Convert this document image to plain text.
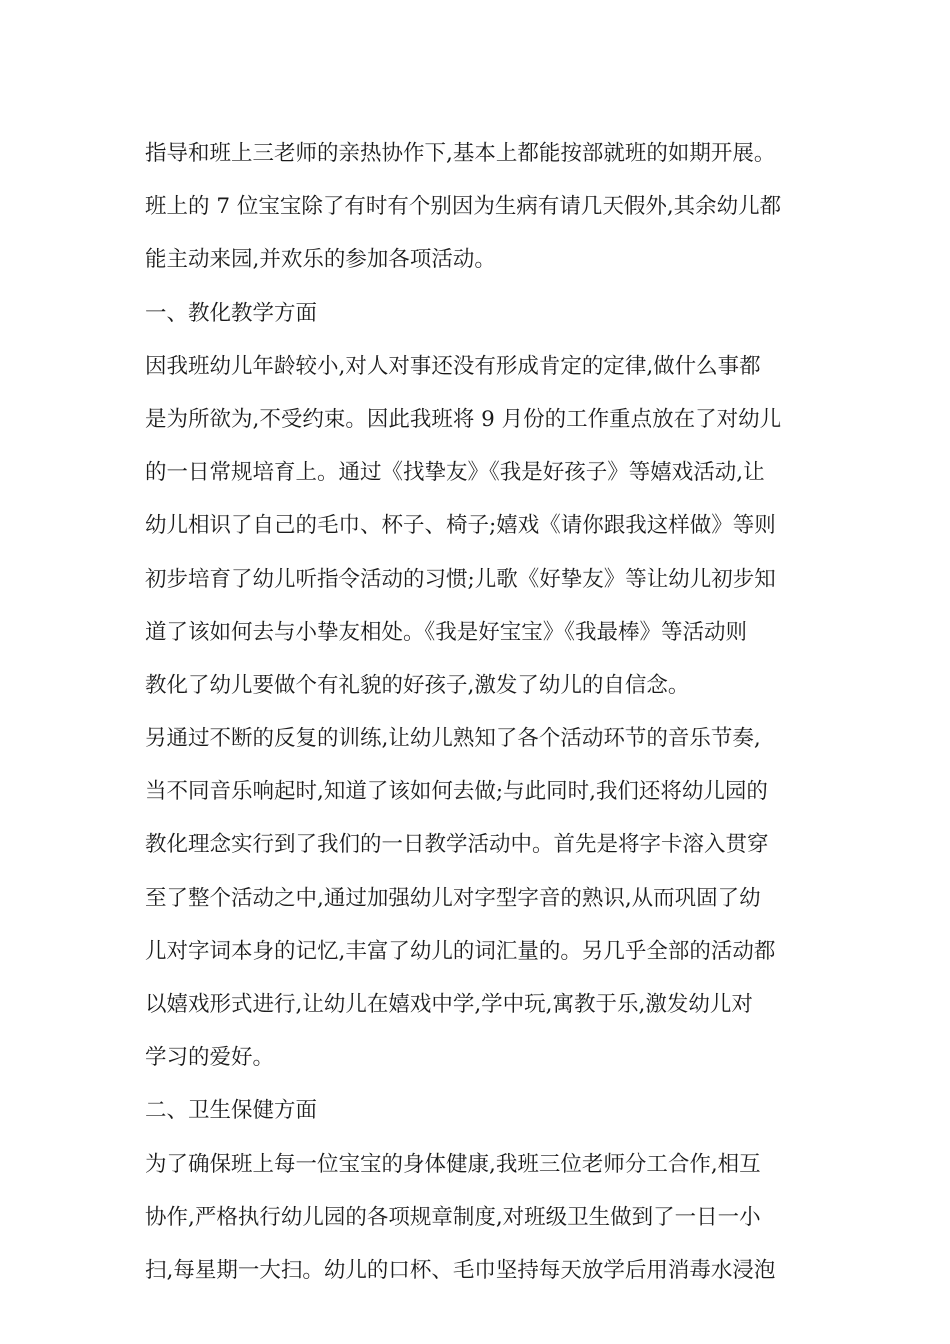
指导和班上三老师的亲热协作下,基本上都能按部就班的如期开展。
班上的 7 位宝宝除了有时有个别因为生病有请几天假外,其余幼儿都
能主动来园,并欢乐的参加各项活动。
一、教化教学方面
因我班幼儿年龄较小,对人对事还没有形成肯定的定律,做什么事都
是为所欲为,不受约束。因此我班将 9 月份的工作重点放在了对幼儿
的一日常规培育上。通过《找挚友》《我是好孩子》等嬉戏活动,让
幼儿相识了自己的毛巾、杯子、椅子;嬉戏《请你跟我这样做》等则
初步培育了幼儿听指令活动的习惯;儿歌《好挚友》等让幼儿初步知
道了该如何去与小挚友相处。《我是好宝宝》《我最棒》等活动则
教化了幼儿要做个有礼貌的好孩子,激发了幼儿的自信念。
另通过不断的反复的训练,让幼儿熟知了各个活动环节的音乐节奏,
当不同音乐响起时,知道了该如何去做;与此同时,我们还将幼儿园的
教化理念实行到了我们的一日教学活动中。首先是将字卡溶入贯穿
至了整个活动之中,通过加强幼儿对字型字音的熟识,从而巩固了幼
儿对字词本身的记忆,丰富了幼儿的词汇量的。另几乎全部的活动都
以嬉戏形式进行,让幼儿在嬉戏中学,学中玩,寓教于乐,激发幼儿对
学习的爱好。
二、卫生保健方面
为了确保班上每一位宝宝的身体健康,我班三位老师分工合作,相互
协作,严格执行幼儿园的各项规章制度,对班级卫生做到了一日一小
扫,每星期一大扫。幼儿的口杯、毛巾坚持每天放学后用消毒水浸泡
